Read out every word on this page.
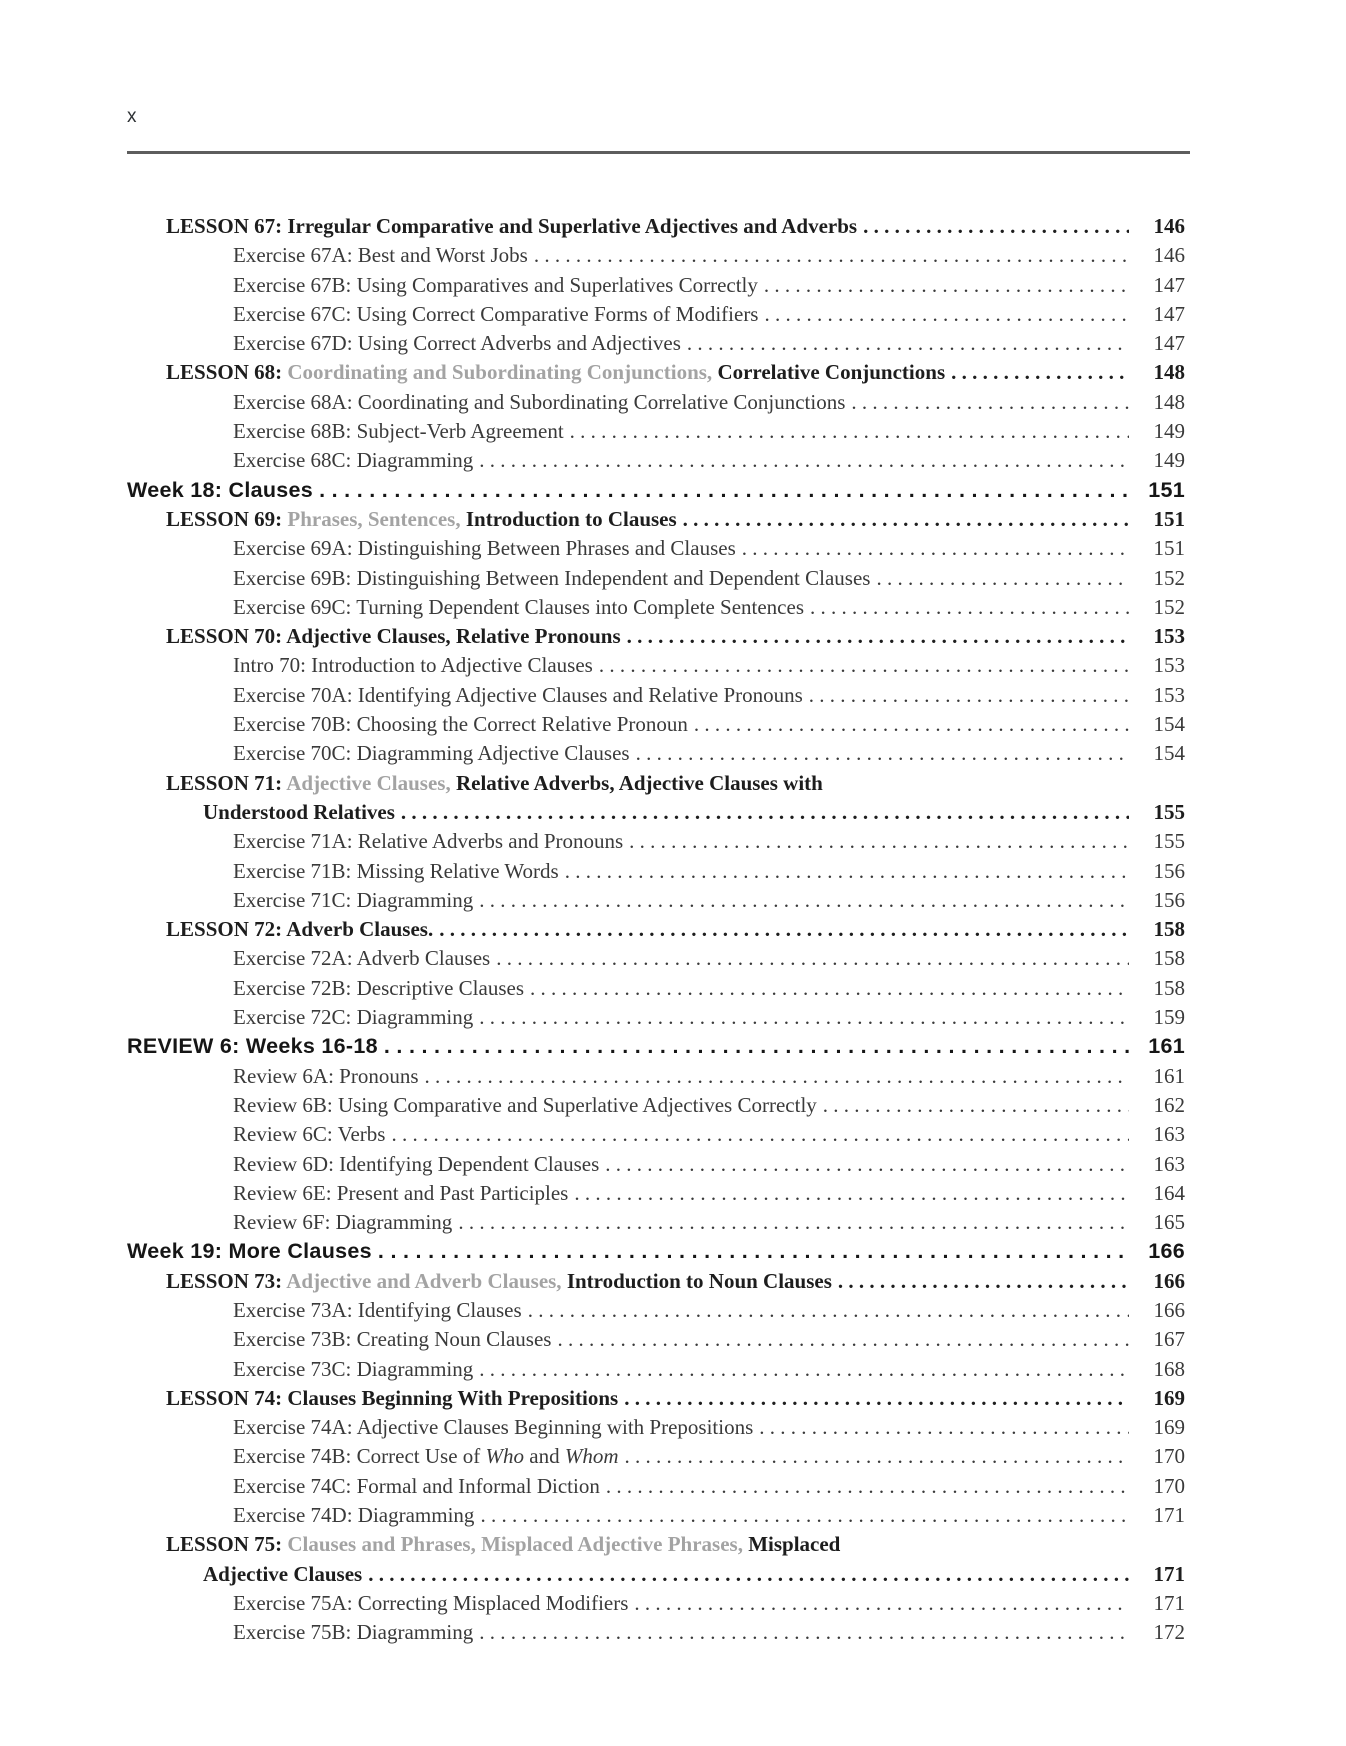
x
LESSON 67: Irregular Comparative and Superlative Adjectives and Adverbs . . .	146
Exercise 67A: Best and Worst Jobs . . .	146
Exercise 67B: Using Comparatives and Superlatives Correctly . . .	147
Exercise 67C: Using Correct Comparative Forms of Modifiers . . .	147
Exercise 67D: Using Correct Adverbs and Adjectives . . .	147
LESSON 68: Coordinating and Subordinating Conjunctions, Correlative Conjunctions . . .	148
Exercise 68A: Coordinating and Subordinating Correlative Conjunctions . . .	148
Exercise 68B: Subject-Verb Agreement . . .	149
Exercise 68C: Diagramming . . .	149
Week 18: Clauses . . .	151
LESSON 69: Phrases, Sentences, Introduction to Clauses . . .	151
Exercise 69A: Distinguishing Between Phrases and Clauses . . .	151
Exercise 69B: Distinguishing Between Independent and Dependent Clauses . . .	152
Exercise 69C: Turning Dependent Clauses into Complete Sentences . . .	152
LESSON 70: Adjective Clauses, Relative Pronouns . . .	153
Intro 70: Introduction to Adjective Clauses . . .	153
Exercise 70A: Identifying Adjective Clauses and Relative Pronouns . . .	153
Exercise 70B: Choosing the Correct Relative Pronoun . . .	154
Exercise 70C: Diagramming Adjective Clauses . . .	154
LESSON 71: Adjective Clauses, Relative Adverbs, Adjective Clauses with
Understood Relatives . . .	155
Exercise 71A: Relative Adverbs and Pronouns . . .	155
Exercise 71B: Missing Relative Words . . .	156
Exercise 71C: Diagramming . . .	156
LESSON 72: Adverb Clauses. . . .	158
Exercise 72A: Adverb Clauses . . .	158
Exercise 72B: Descriptive Clauses . . .	158
Exercise 72C: Diagramming . . .	159
REVIEW 6: Weeks 16-18 . . .	161
Review 6A: Pronouns . . .	161
Review 6B: Using Comparative and Superlative Adjectives Correctly . . .	162
Review 6C: Verbs . . .	163
Review 6D: Identifying Dependent Clauses . . .	163
Review 6E: Present and Past Participles . . .	164
Review 6F: Diagramming . . .	165
Week 19: More Clauses . . .	166
LESSON 73: Adjective and Adverb Clauses, Introduction to Noun Clauses . . .	166
Exercise 73A: Identifying Clauses . . .	166
Exercise 73B: Creating Noun Clauses . . .	167
Exercise 73C: Diagramming . . .	168
LESSON 74: Clauses Beginning With Prepositions . . .	169
Exercise 74A: Adjective Clauses Beginning with Prepositions . . .	169
Exercise 74B: Correct Use of Who and Whom . . .	170
Exercise 74C: Formal and Informal Diction . . .	170
Exercise 74D: Diagramming . . .	171
LESSON 75: Clauses and Phrases, Misplaced Adjective Phrases, Misplaced
Adjective Clauses . . .	171
Exercise 75A: Correcting Misplaced Modifiers . . .	171
Exercise 75B: Diagramming . . .	172
